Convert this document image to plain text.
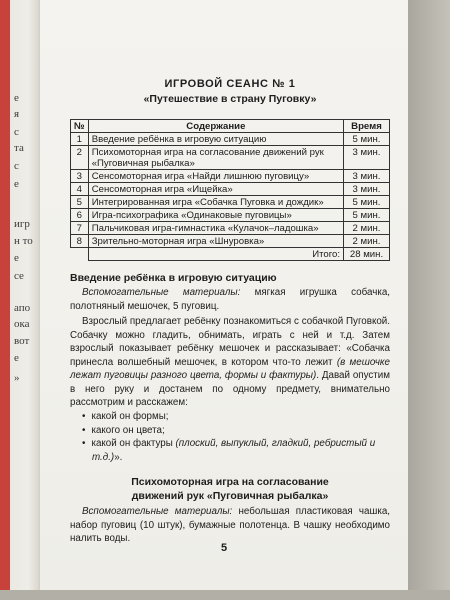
е
я
с
та
с
е
игр
н то
е
се
апо
ока
вот
е
»
ИГРОВОЙ СЕАНС № 1
«Путешествие в страну Пуговку»
№	Содержание	Время
1	Введение ребёнка в игровую ситуацию	5 мин.
2	Психомоторная игра на согласование движений рук «Пуговичная рыбалка»	3 мин.
3	Сенсомоторная игра «Найди лишнюю пуговицу»	3 мин.
4	Сенсомоторная игра «Ищейка»	3 мин.
5	Интегрированная игра «Собачка Пуговка и дождик»	5 мин.
6	Игра-психографика «Одинаковые пуговицы»	5 мин.
7	Пальчиковая игра-гимнастика «Кулачок–ладошка»	2 мин.
8	Зрительно-моторная игра «Шнуровка»	2 мин.
	Итого:	28 мин.
Введение ребёнка в игровую ситуацию

Вспомогательные материалы: мягкая игрушка собачка, полотняный мешочек, 5 пуговиц.

Взрослый предлагает ребёнку познакомиться с собачкой Пуговкой. Собачку можно гладить, обнимать, играть с ней и т.д. Затем взрослый показывает ребёнку мешочек и рассказывает: «Собачка принесла волшебный мешочек, в котором что-то лежит (в мешочке лежат пуговицы разного цвета, формы и фактуры). Давай опустим в него руку и достанем по одному предмету, внимательно рассмотрим и расскажем:

• какой он формы;
• какого он цвета;
• какой он фактуры (плоский, выпуклый, гладкий, ребристый и т.д.)».
Психомоторная игра на согласование
движений рук «Пуговичная рыбалка»

Вспомогательные материалы: небольшая пластиковая чашка, набор пуговиц (10 штук), бумажные полотенца. В чашку необходимо налить воды.

5
